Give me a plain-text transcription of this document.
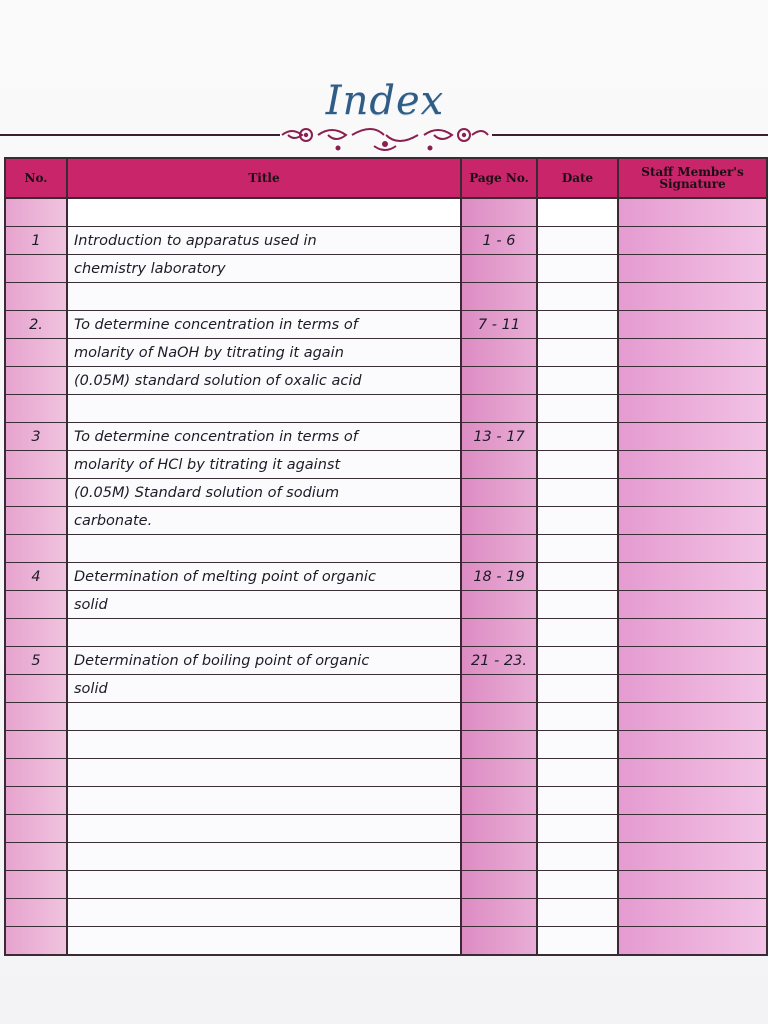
Index
No.	Title	Page No.	Date	Staff Member's
Signature

1	Introduction to apparatus used in	1 - 6		
	chemistry laboratory			

2.	To determine concentration in terms of	7 - 11		
	molarity of NaOH by titrating it again			
	(0.05M) standard solution of oxalic acid			

3	To determine concentration in terms of	13 - 17		
	molarity of HCl by titrating it against			
	(0.05M) Standard solution of sodium			
	carbonate.			

4	Determination of melting point of organic	18 - 19		
	solid			

5	Determination of boiling point of organic	21 - 23.		
	solid			
